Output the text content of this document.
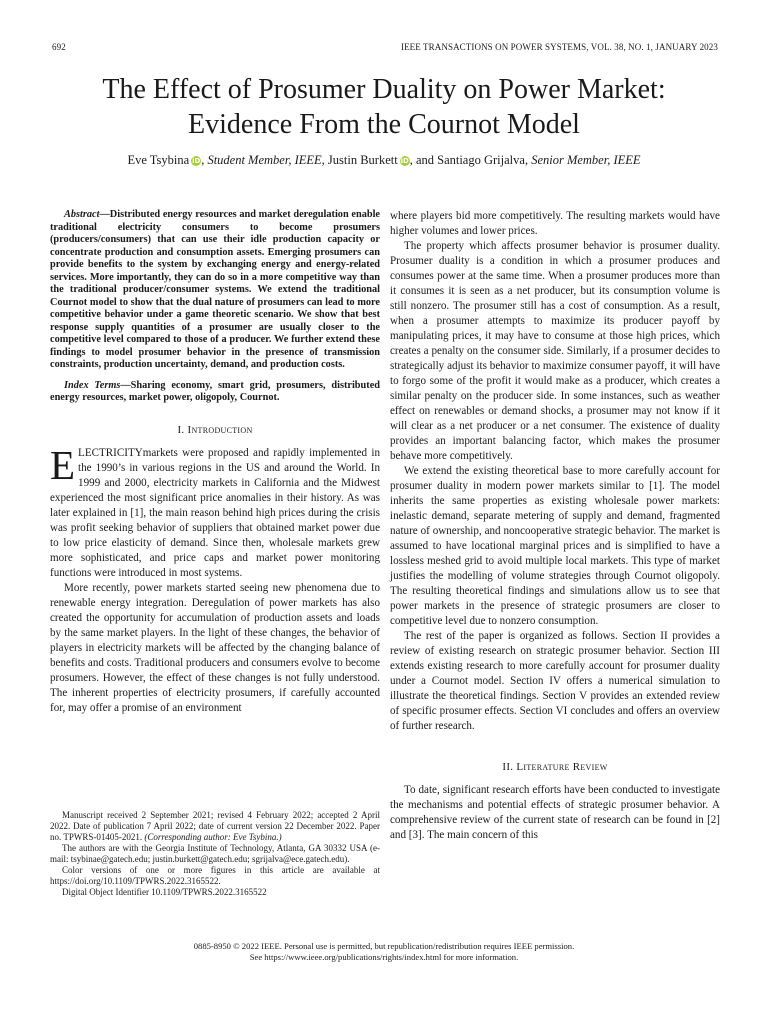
692	IEEE TRANSACTIONS ON POWER SYSTEMS, VOL. 38, NO. 1, JANUARY 2023
The Effect of Prosumer Duality on Power Market:
Evidence From the Cournot Model
Eve Tsybina iD, Student Member, IEEE, Justin Burkett iD, and Santiago Grijalva, Senior Member, IEEE

Abstract—Distributed energy resources and market deregulation enable traditional electricity consumers to become prosumers (producers/consumers) that can use their idle production capacity or concentrate production and consumption assets. Emerging prosumers can provide benefits to the system by exchanging energy and energy-related services. More importantly, they can do so in a more competitive way than the traditional producer/consumer systems. We extend the traditional Cournot model to show that the dual nature of prosumers can lead to more competitive behavior under a game theoretic scenario. We show that best response supply quantities of a prosumer are usually closer to the competitive level compared to those of a producer. We further extend these findings to model prosumer behavior in the presence of transmission constraints, production uncertainty, demand, and production costs.

Index Terms—Sharing economy, smart grid, prosumers, distributed energy resources, market power, oligopoly, Cournot.

I. Introduction

E LECTRICITYmarkets were proposed and rapidly implemented in the 1990’s in various regions in the US and around the World. In 1999 and 2000, electricity markets in California and the Midwest experienced the most significant price anomalies in their history. As was later explained in [1], the main reason behind high prices during the crisis was profit seeking behavior of suppliers that obtained market power due to low price elasticity of demand. Since then, wholesale markets grew more sophisticated, and price caps and market power monitoring functions were introduced in most systems.

More recently, power markets started seeing new phenomena due to renewable energy integration. Deregulation of power markets has also created the opportunity for accumulation of production assets and loads by the same market players. In the light of these changes, the behavior of players in electricity markets will be affected by the changing balance of benefits and costs. Traditional producers and consumers evolve to become prosumers. However, the effect of these changes is not fully understood. The inherent properties of electricity prosumers, if carefully accounted for, may offer a promise of an environment

where players bid more competitively. The resulting markets would have higher volumes and lower prices.

The property which affects prosumer behavior is prosumer duality. Prosumer duality is a condition in which a prosumer produces and consumes power at the same time. When a prosumer produces more than it consumes it is seen as a net producer, but its consumption volume is still nonzero. The prosumer still has a cost of consumption. As a result, when a prosumer attempts to maximize its producer payoff by manipulating prices, it may have to consume at those high prices, which creates a penalty on the consumer side. Similarly, if a prosumer decides to strategically adjust its behavior to maximize consumer payoff, it will have to forgo some of the profit it would make as a producer, which creates a similar penalty on the producer side. In some instances, such as weather effect on renewables or demand shocks, a prosumer may not know if it will clear as a net producer or a net consumer. The existence of duality provides an important balancing factor, which makes the prosumer behave more competitively.

We extend the existing theoretical base to more carefully account for prosumer duality in modern power markets similar to [1]. The model inherits the same properties as existing wholesale power markets: inelastic demand, separate metering of supply and demand, fragmented nature of ownership, and noncooperative strategic behavior. The market is assumed to have locational marginal prices and is simplified to have a lossless meshed grid to avoid multiple local markets. This type of market justifies the modelling of volume strategies through Cournot oligopoly. The resulting theoretical findings and simulations allow us to see that power markets in the presence of strategic prosumers are closer to competitive level due to nonzero consumption.

The rest of the paper is organized as follows. Section II provides a review of existing research on strategic prosumer behavior. Section III extends existing research to more carefully account for prosumer duality under a Cournot model. Section IV offers a numerical simulation to illustrate the theoretical findings. Section V provides an extended review of specific prosumer effects. Section VI concludes and offers an overview of further research.

II. Literature Review

To date, significant research efforts have been conducted to investigate the mechanisms and potential effects of strategic prosumer behavior. A comprehensive review of the current state of research can be found in [2] and [3]. The main concern of this

Manuscript received 2 September 2021; revised 4 February 2022; accepted 2 April 2022. Date of publication 7 April 2022; date of current version 22 December 2022. Paper no. TPWRS-01405-2021. (Corresponding author: Eve Tsybina.)

The authors are with the Georgia Institute of Technology, Atlanta, GA 30332 USA (e-mail: tsybinae@gatech.edu; justin.burkett@gatech.edu; sgrijalva@ece.gatech.edu).

Color versions of one or more figures in this article are available at https://doi.org/10.1109/TPWRS.2022.3165522.

Digital Object Identifier 10.1109/TPWRS.2022.3165522

0885-8950 © 2022 IEEE. Personal use is permitted, but republication/redistribution requires IEEE permission.
See https://www.ieee.org/publications/rights/index.html for more information.
